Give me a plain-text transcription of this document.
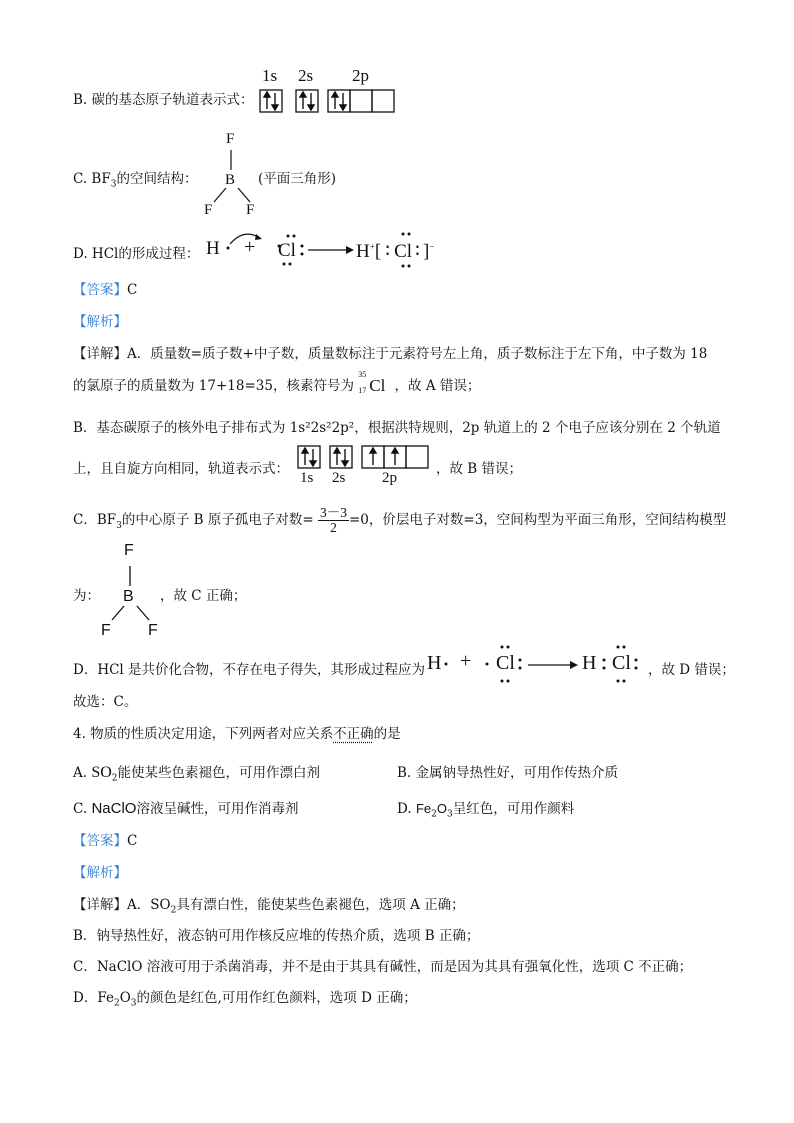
B. 碳的基态原子轨道表示式：
1s 2s 2p
C. $BF_3$的空间结构：
F
B
F F
(平面三角形)
D. HCl的形成过程： H + Cl → H+[ ∶ Cl ∶ ]−
【答案】C
【解析】
【详解】A．质量数=质子数+中子数，质量数标注于元素符号左上角，质子数标注于左下角，中子数为 18
的氯原子的质量数为 17+18=35，核素符号为
35
17 Cl ，故 A 错误；
B．基态碳原子的核外电子排布式为 1s²2s²2p²，根据洪特规则，2p 轨道上的 2 个电子应该分别在 2 个轨道
上，且自旋方向相同，轨道表示式：
1s 2s 2p
，故 B 错误；
C．$BF_3$的中心原子 B 原子孤电子对数= $\frac{3-3}{2} =0$，价层电子对数=3，空间构型为平面三角形，空间结构模型
为：
F
B
F F
，故 C 正确；
D．HCl 是共价化合物，不存在电子得失，其形成过程应为 H + Cl	H Cl ，故 D 错误；
故选：C。
4. 物质的性质决定用途，下列两者对应关系不正确的是
A. $SO_2$能使某些色素褪色，可用作漂白剂	B. 金属钠导热性好，可用作传热介质
C. NaClO溶液呈碱性，可用作消毒剂	D. $Fe_2O_3$呈红色，可用作颜料
【答案】C
【解析】
【详解】A．$SO_2$具有漂白性，能使某些色素褪色，选项 A 正确；
B．钠导热性好，液态钠可用作核反应堆的传热介质，选项 B 正确；
C．NaClO 溶液可用于杀菌消毒，并不是由于其具有碱性，而是因为其具有强氧化性，选项 C 不正确；
D．$Fe_2O_3$的颜色是红色,可用作红色颜料，选项 D 正确；
